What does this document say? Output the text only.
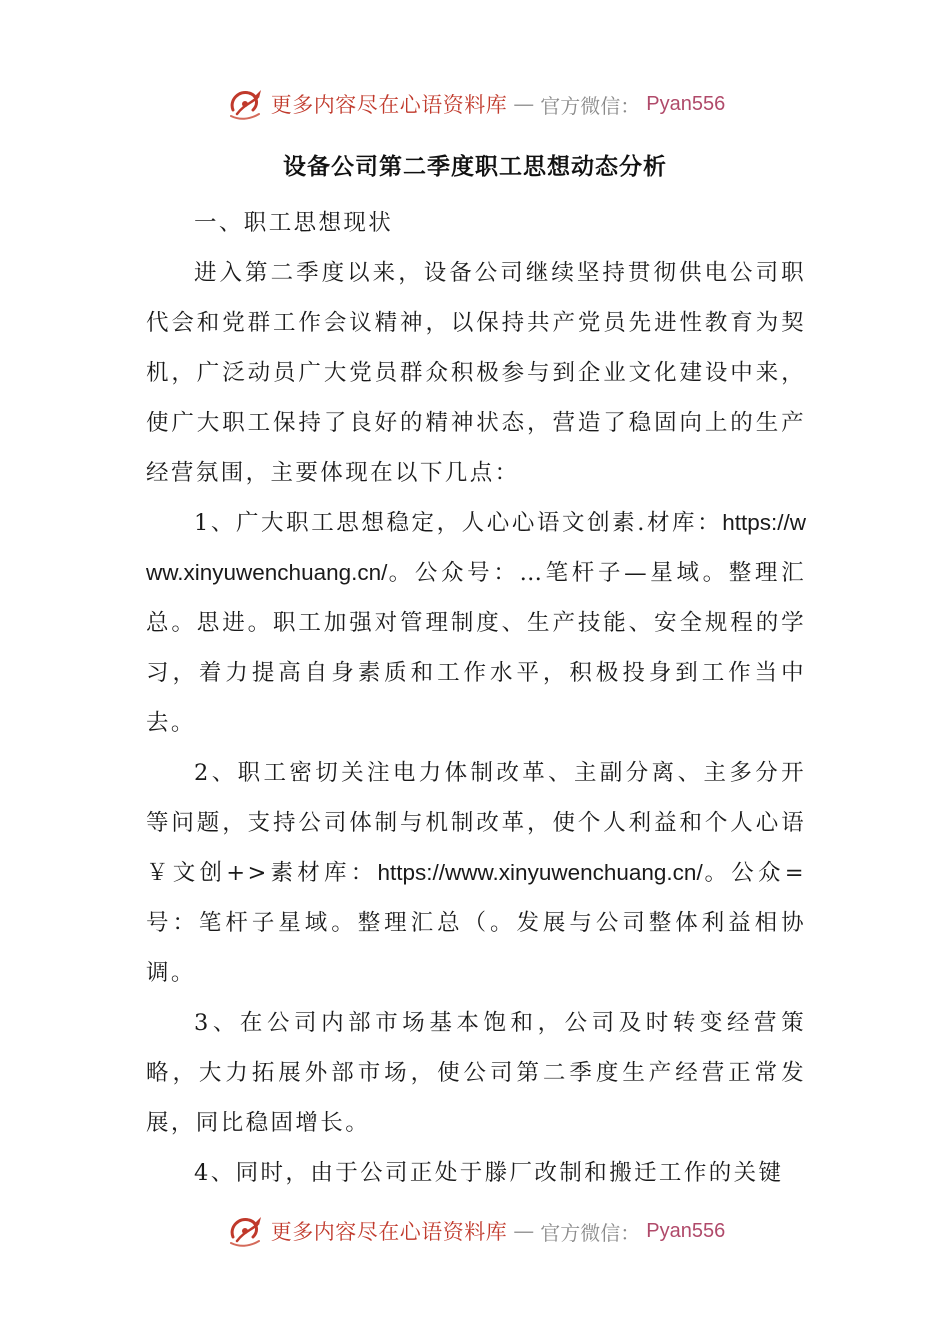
更多内容尽在心语资料库 — 官方微信： Pyan556
设备公司第二季度职工思想动态分析

一、职工思想现状

进入第二季度以来，设备公司继续坚持贯彻供电公司职代会和党群工作会议精神，以保持共产党员先进性教育为契机，广泛动员广大党员群众积极参与到企业文化建设中来，使广大职工保持了良好的精神状态，营造了稳固向上的生产经营氛围，主要体现在以下几点：

1、广大职工思想稳定，人心心语文创素.材库：https://www.xinyuwenchuang.cn/。公众号：…笔杆子—星域。整理汇总。思进。职工加强对管理制度、生产技能、安全规程的学习，着力提高自身素质和工作水平，积极投身到工作当中去。

2、职工密切关注电力体制改革、主副分离、主多分开等问题，支持公司体制与机制改革，使个人利益和个人心语￥文创+>素材库：https://www.xinyuwenchuang.cn/。公众=号：笔杆子星域。整理汇总（。发展与公司整体利益相协调。

3、在公司内部市场基本饱和，公司及时转变经营策略，大力拓展外部市场，使公司第二季度生产经营正常发展，同比稳固增长。

4、同时，由于公司正处于滕厂改制和搬迁工作的关键

更多内容尽在心语资料库 — 官方微信： Pyan556
